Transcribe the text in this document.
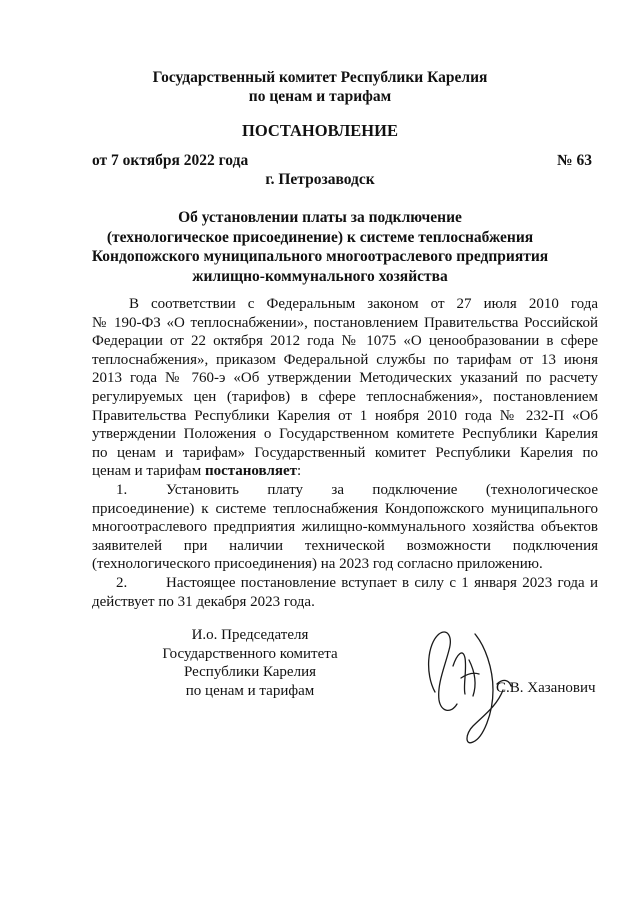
Государственный комитет Республики Карелия
по ценам и тарифам
ПОСТАНОВЛЕНИЕ
от 7 октября 2022 года	№ 63
г. Петрозаводск
Об установлении платы за подключение
(технологическое присоединение) к системе теплоснабжения
Кондопожского муниципального многоотраслевого предприятия
жилищно-коммунального хозяйства
В соответствии с Федеральным законом от 27 июля 2010 года
№ 190-ФЗ «О теплоснабжении», постановлением Правительства Российской
Федерации от 22 октября 2012 года № 1075 «О ценообразовании в сфере
теплоснабжения», приказом Федеральной службы по тарифам от 13 июня
2013 года № 760-э «Об утверждении Методических указаний по расчету
регулируемых цен (тарифов) в сфере теплоснабжения», постановлением
Правительства Республики Карелия от 1 ноября 2010 года № 232-П «Об
утверждении Положения о Государственном комитете Республики Карелия
по ценам и тарифам» Государственный комитет Республики Карелия по
ценам и тарифам постановляет:
1.	Установить плату за подключение (технологическое
присоединение) к системе теплоснабжения Кондопожского муниципального
многоотраслевого предприятия жилищно-коммунального хозяйства объектов
заявителей при наличии технической возможности подключения
(технологического присоединения) на 2023 год согласно приложению.
2.	Настоящее постановление вступает в силу с 1 января 2023 года и
действует по 31 декабря 2023 года.
И.о. Председателя
Государственного комитета
Республики Карелия
по ценам и тарифам	С.В. Хазанович
